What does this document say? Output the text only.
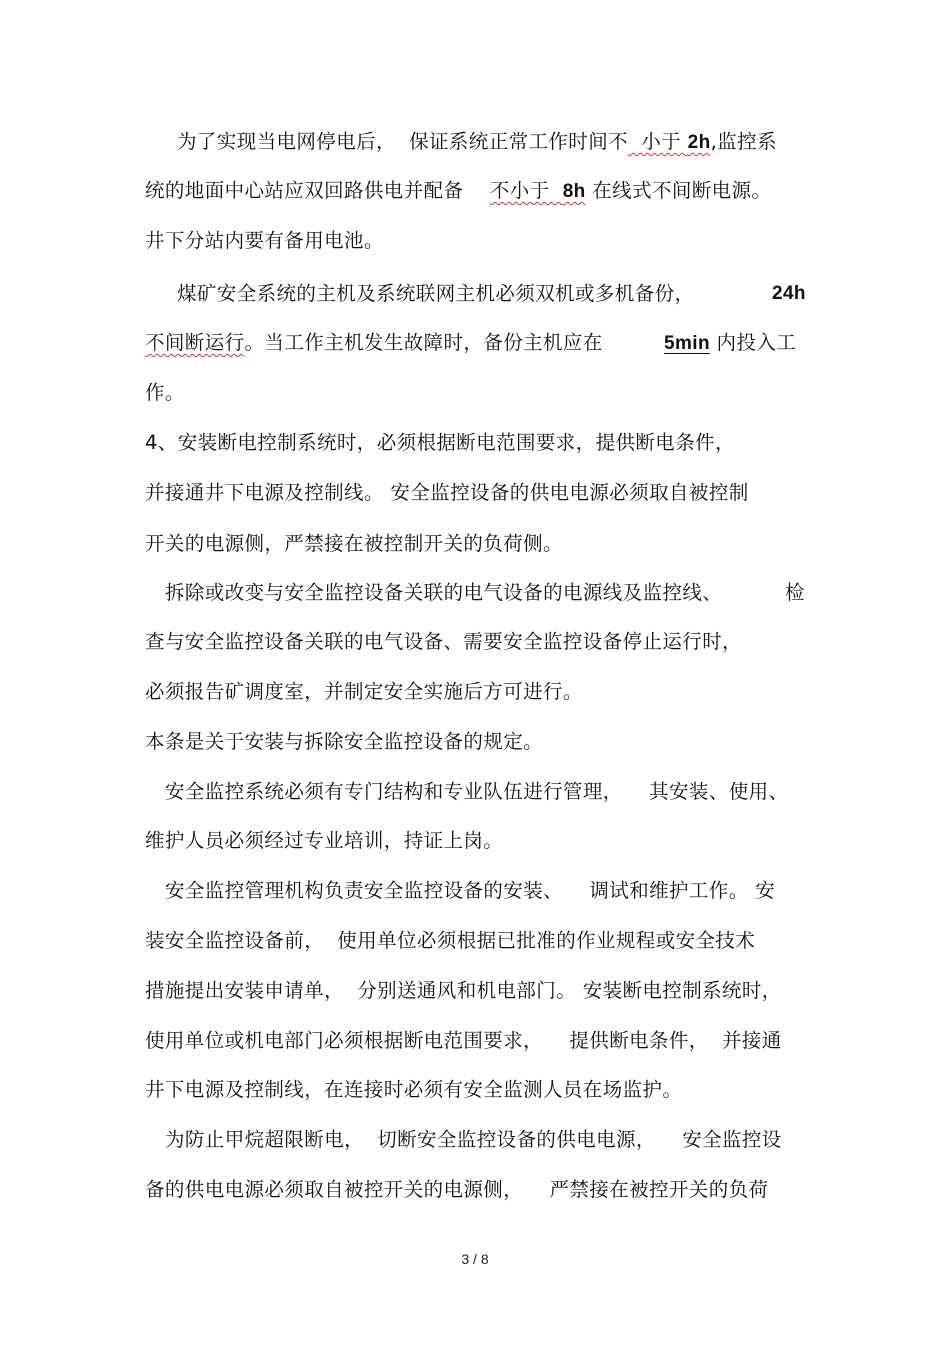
为了实现当电网停电后，  保证系统正常工作时间不  小于 2h,监控系
统的地面中心站应双回路供电并配备    不小于  8h 在线式不间断电源。
井下分站内要有备用电池。
煤矿安全系统的主机及系统联网主机必须双机或多机备份，	24h
不间断运行。当工作主机发生故障时，备份主机应在	5min 内投入工
作。
4、安装断电控制系统时，必须根据断电范围要求，提供断电条件，
并接通井下电源及控制线。 安全监控设备的供电电源必须取自被控制
开关的电源侧，严禁接在被控制开关的负荷侧。
拆除或改变与安全监控设备关联的电气设备的电源线及监控线、	检
查与安全监控设备关联的电气设备、需要安全监控设备停止运行时，
必须报告矿调度室，并制定安全实施后方可进行。
本条是关于安装与拆除安全监控设备的规定。
安全监控系统必须有专门结构和专业队伍进行管理，    其安装、使用、
维护人员必须经过专业培训，持证上岗。
安全监控管理机构负责安全监控设备的安装、    调试和维护工作。 安
装安全监控设备前，  使用单位必须根据已批准的作业规程或安全技术
措施提出安装申请单，  分别送通风和机电部门。 安装断电控制系统时，
使用单位或机电部门必须根据断电范围要求，    提供断电条件，  并接通
井下电源及控制线，在连接时必须有安全监测人员在场监护。
为防止甲烷超限断电，  切断安全监控设备的供电电源，    安全监控设
备的供电电源必须取自被控开关的电源侧，    严禁接在被控开关的负荷
3 / 8
